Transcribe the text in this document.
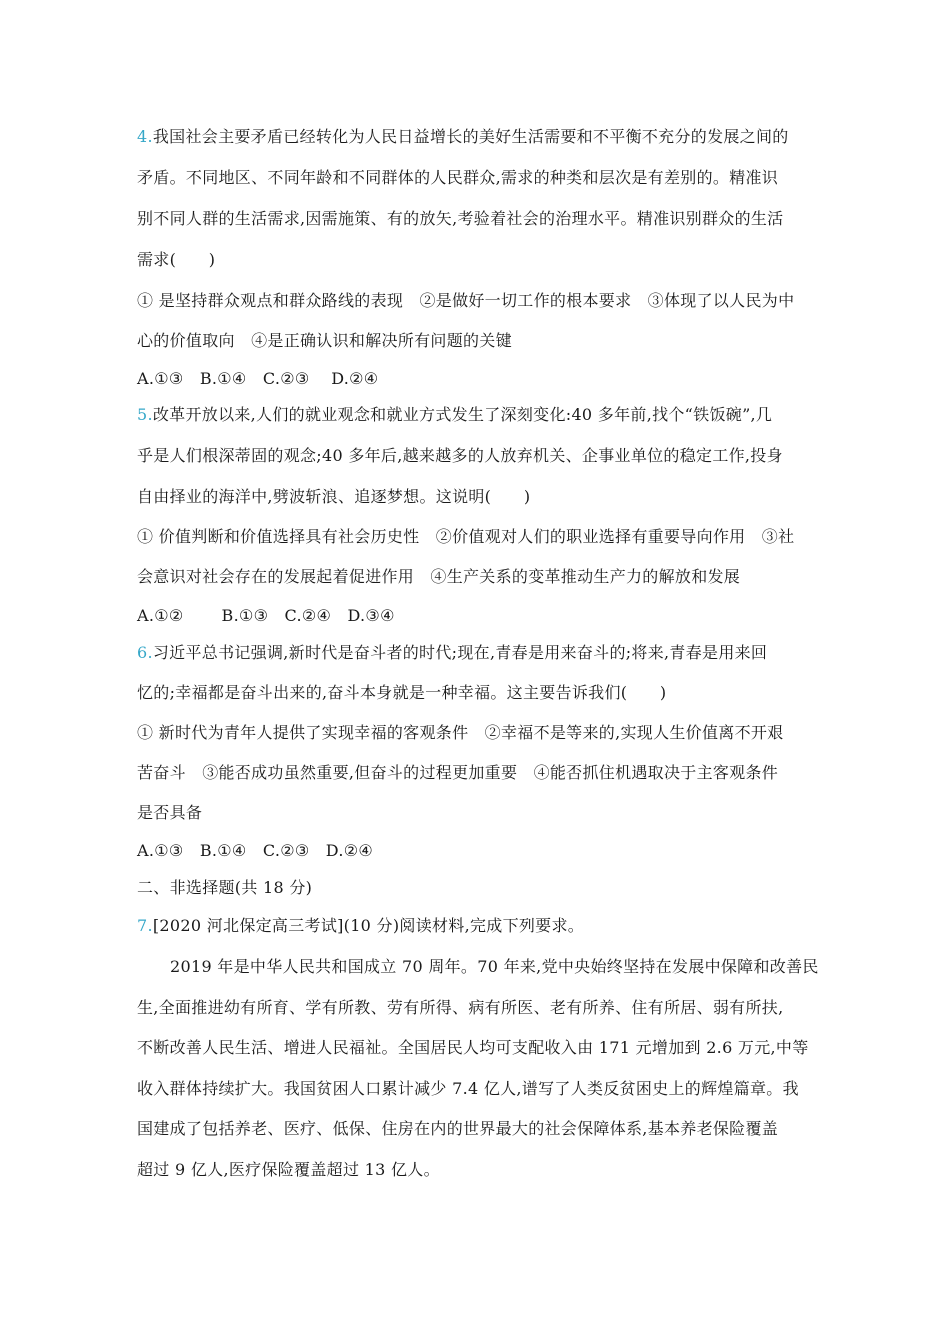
4.我国社会主要矛盾已经转化为人民日益增长的美好生活需要和不平衡不充分的发展之间的
矛盾。不同地区、不同年龄和不同群体的人民群众,需求的种类和层次是有差别的。精准识
别不同人群的生活需求,因需施策、有的放矢,考验着社会的治理水平。精准识别群众的生活
需求(　　)
① 是坚持群众观点和群众路线的表现　②是做好一切工作的根本要求　③体现了以人民为中
心的价值取向　④是正确认识和解决所有问题的关键
A.①③　B.①④　C.②③　 D.②④
5.改革开放以来,人们的就业观念和就业方式发生了深刻变化:40 多年前,找个“铁饭碗”,几
乎是人们根深蒂固的观念;40 多年后,越来越多的人放弃机关、企事业单位的稳定工作,投身
自由择业的海洋中,劈波斩浪、追逐梦想。这说明(　　)
① 价值判断和价值选择具有社会历史性　②价值观对人们的职业选择有重要导向作用　③社
会意识对社会存在的发展起着促进作用　④生产关系的变革推动生产力的解放和发展
A.①②　　 B.①③　C.②④　D.③④
6.习近平总书记强调,新时代是奋斗者的时代;现在,青春是用来奋斗的;将来,青春是用来回
忆的;幸福都是奋斗出来的,奋斗本身就是一种幸福。这主要告诉我们(　　)
① 新时代为青年人提供了实现幸福的客观条件　②幸福不是等来的,实现人生价值离不开艰
苦奋斗　③能否成功虽然重要,但奋斗的过程更加重要　④能否抓住机遇取决于主客观条件
是否具备
A.①③　B.①④　C.②③　D.②④
二、非选择题(共 18 分)
7.[2020 河北保定高三考试](10 分)阅读材料,完成下列要求。
2019 年是中华人民共和国成立 70 周年。70 年来,党中央始终坚持在发展中保障和改善民
生,全面推进幼有所育、学有所教、劳有所得、病有所医、老有所养、住有所居、弱有所扶,
不断改善人民生活、增进人民福祉。全国居民人均可支配收入由 171 元增加到 2.6 万元,中等
收入群体持续扩大。我国贫困人口累计减少 7.4 亿人,谱写了人类反贫困史上的辉煌篇章。我
国建成了包括养老、医疗、低保、住房在内的世界最大的社会保障体系,基本养老保险覆盖
超过 9 亿人,医疗保险覆盖超过 13 亿人。
